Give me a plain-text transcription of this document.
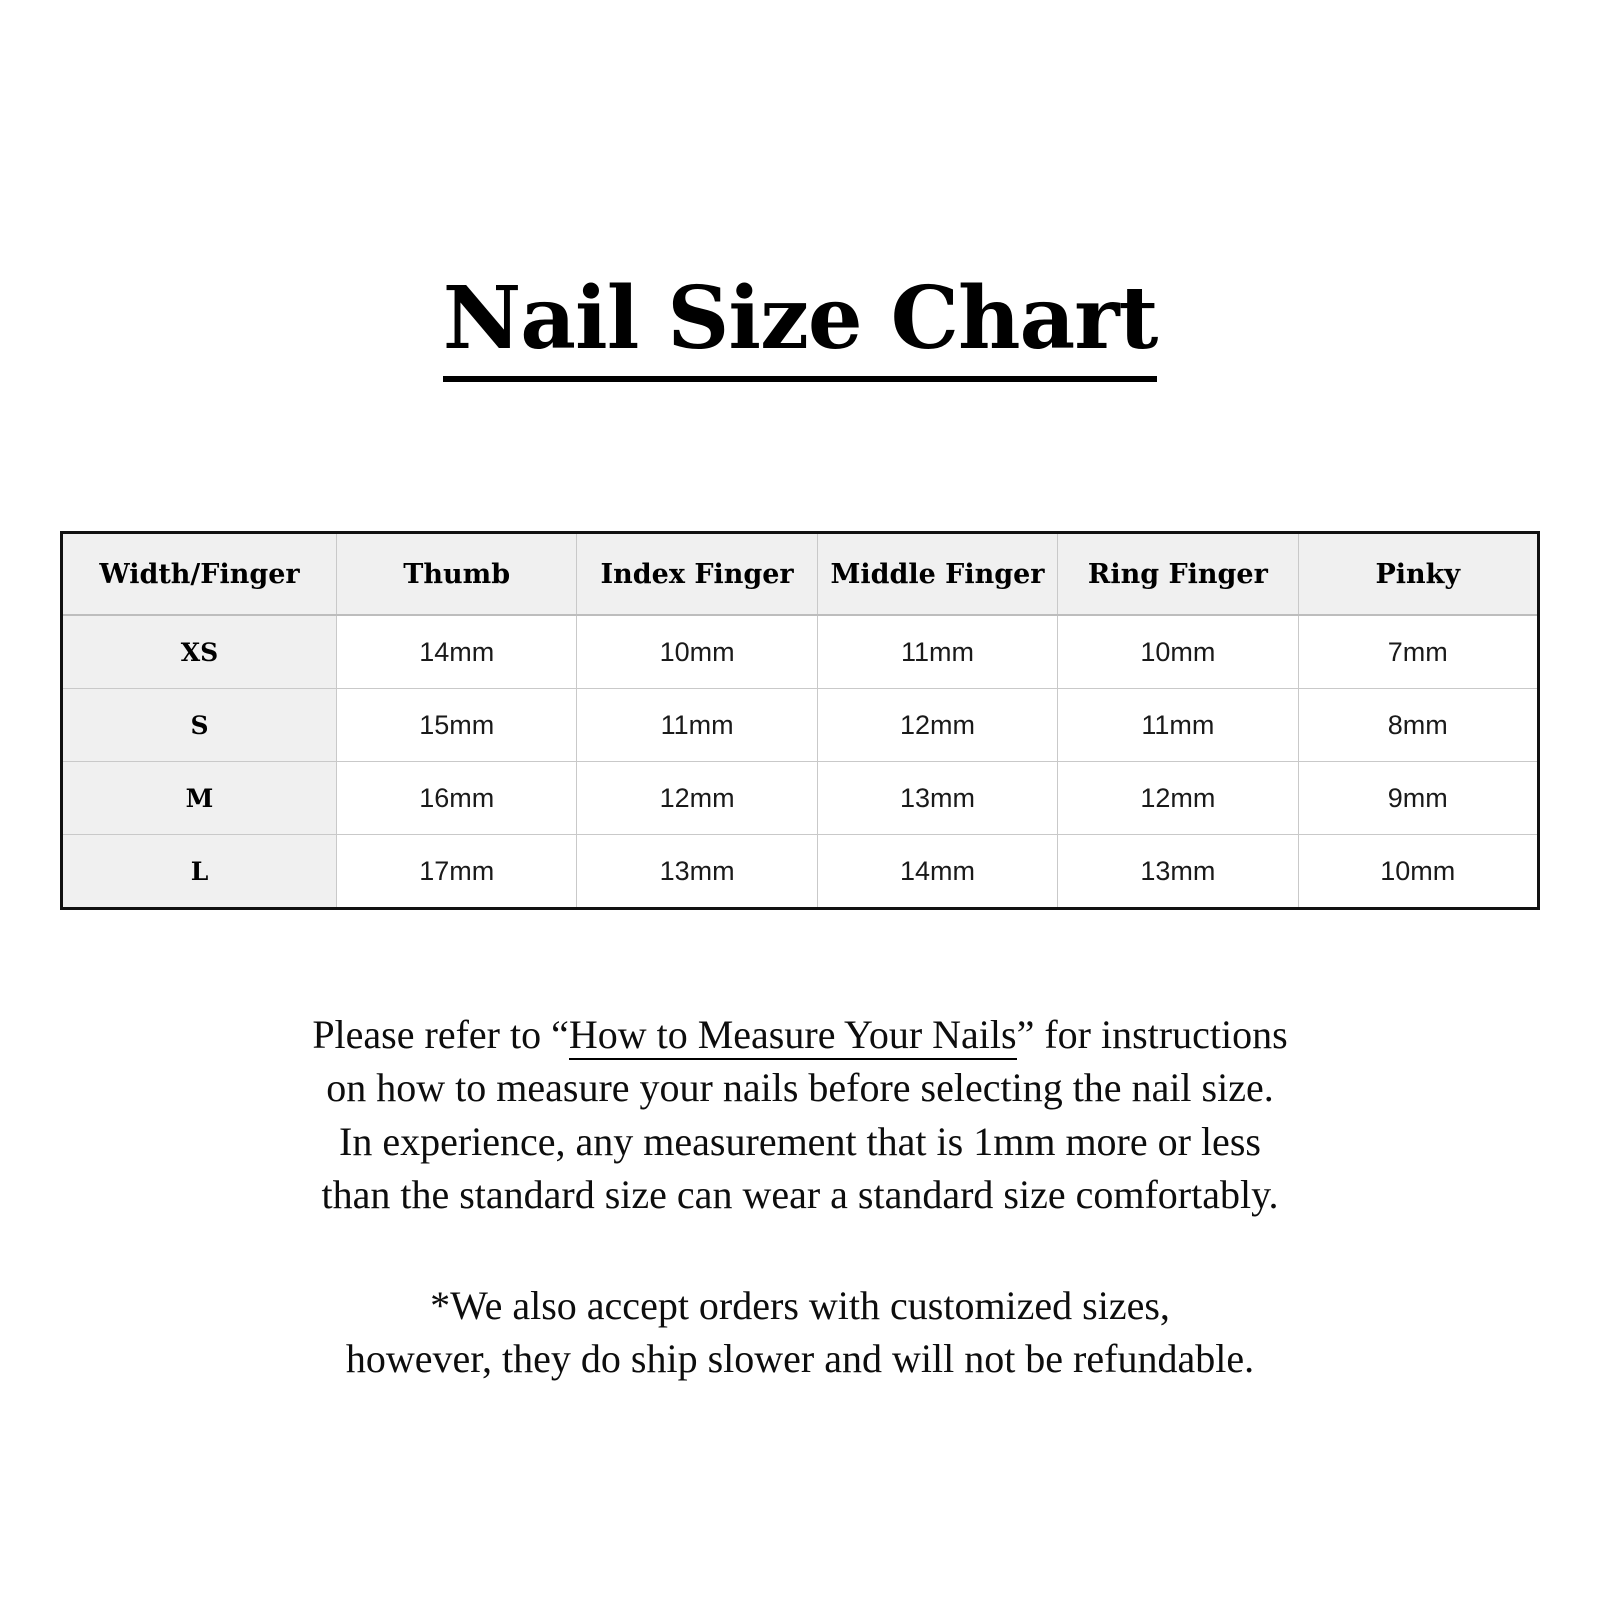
Nail Size Chart
Width/Finger	Thumb	Index Finger	Middle Finger	Ring Finger	Pinky
XS	14mm	10mm	11mm	10mm	7mm
S	15mm	11mm	12mm	11mm	8mm
M	16mm	12mm	13mm	12mm	9mm
L	17mm	13mm	14mm	13mm	10mm

Please refer to “How to Measure Your Nails” for instructions

on how to measure your nails before selecting the nail size.

In experience, any measurement that is 1mm more or less

than the standard size can wear a standard size comfortably.

*We also accept orders with customized sizes,

however, they do ship slower and will not be refundable.
